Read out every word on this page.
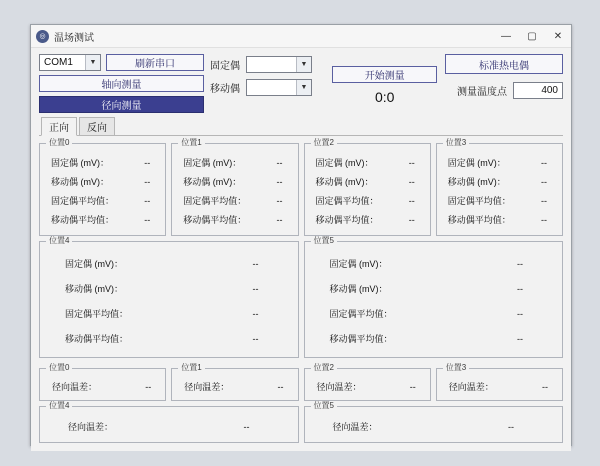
◎ 温场测试	—	▢	✕
COM1	▼	刷新串口
轴向测量
径向测量
固定偶	▼
移动偶	▼
开始测量
0:0
标准热电偶
测量温度点	400
正向	反向
位置0
固定偶 (mV)：	--
移动偶 (mV)：	--
固定偶平均值：	--
移动偶平均值：	--
位置1
固定偶 (mV)：	--
移动偶 (mV)：	--
固定偶平均值：	--
移动偶平均值：	--
位置2
固定偶 (mV)：	--
移动偶 (mV)：	--
固定偶平均值：	--
移动偶平均值：	--
位置3
固定偶 (mV)：	--
移动偶 (mV)：	--
固定偶平均值：	--
移动偶平均值：	--
位置4
固定偶 (mV)：	--
移动偶 (mV)：	--
固定偶平均值：	--
移动偶平均值：	--
位置5
固定偶 (mV)：	--
移动偶 (mV)：	--
固定偶平均值：	--
移动偶平均值：	--
位置0
径向温差：	--
位置1
径向温差：	--
位置2
径向温差：	--
位置3
径向温差：	--
位置4
径向温差：	--
位置5
径向温差：	--
